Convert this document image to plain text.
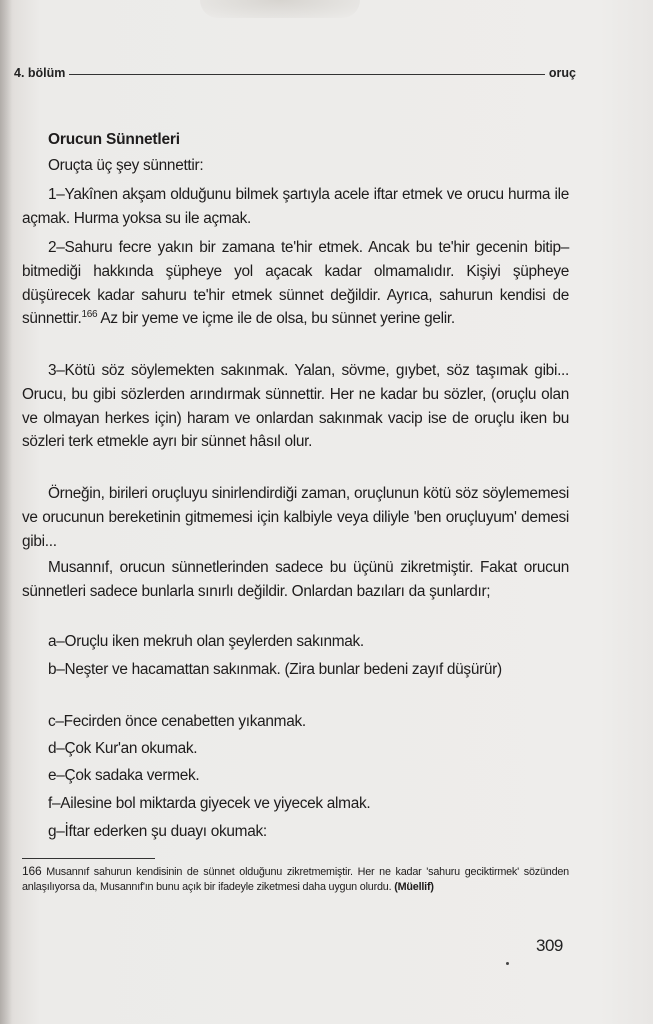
4. bölüm	oruç
Orucun Sünnetleri

Oruçta üç şey sünnettir:

1–Yakînen akşam olduğunu bilmek şartıyla acele iftar etmek ve orucu hurma ile açmak. Hurma yoksa su ile açmak.

2–Sahuru fecre yakın bir zamana te'hir etmek. Ancak bu te'hir gecenin bitip–bitmediği hakkında şüpheye yol açacak kadar olmamalıdır. Kişiyi şüpheye düşürecek kadar sahuru te'hir etmek sünnet değildir. Ayrıca, sahurun kendisi de sünnettir.$^{166}$ Az bir yeme ve içme ile de olsa, bu sünnet yerine gelir.

3–Kötü söz söylemekten sakınmak. Yalan, sövme, gıybet, söz taşımak gibi... Orucu, bu gibi sözlerden arındırmak sünnettir. Her ne kadar bu sözler, (oruçlu olan ve olmayan herkes için) haram ve onlardan sakınmak vacip ise de oruçlu iken bu sözleri terk etmekle ayrı bir sünnet hâsıl olur.

Örneğin, birileri oruçluyu sinirlendirdiği zaman, oruçlunun kötü söz söylememesi ve orucunun bereketinin gitmemesi için kalbiyle veya diliyle 'ben oruçluyum' demesi gibi...

Musannıf, orucun sünnetlerinden sadece bu üçünü zikretmiştir. Fakat orucun sünnetleri sadece bunlarla sınırlı değildir. Onlardan bazıları da şunlardır;

a–Oruçlu iken mekruh olan şeylerden sakınmak.

b–Neşter ve hacamattan sakınmak. (Zira bunlar bedeni zayıf düşürür)

c–Fecirden önce cenabetten yıkanmak.

d–Çok Kur'an okumak.

e–Çok sadaka vermek.

f–Ailesine bol miktarda giyecek ve yiyecek almak.

g–İftar ederken şu duayı okumak:

166 Musannıf sahurun kendisinin de sünnet olduğunu zikretmemiştir. Her ne kadar 'sahuru geciktirmek' sözünden anlaşılıyorsa da, Musannıf'ın bunu açık bir ifadeyle ziketmesi daha uygun olurdu. (Müellif)

309
